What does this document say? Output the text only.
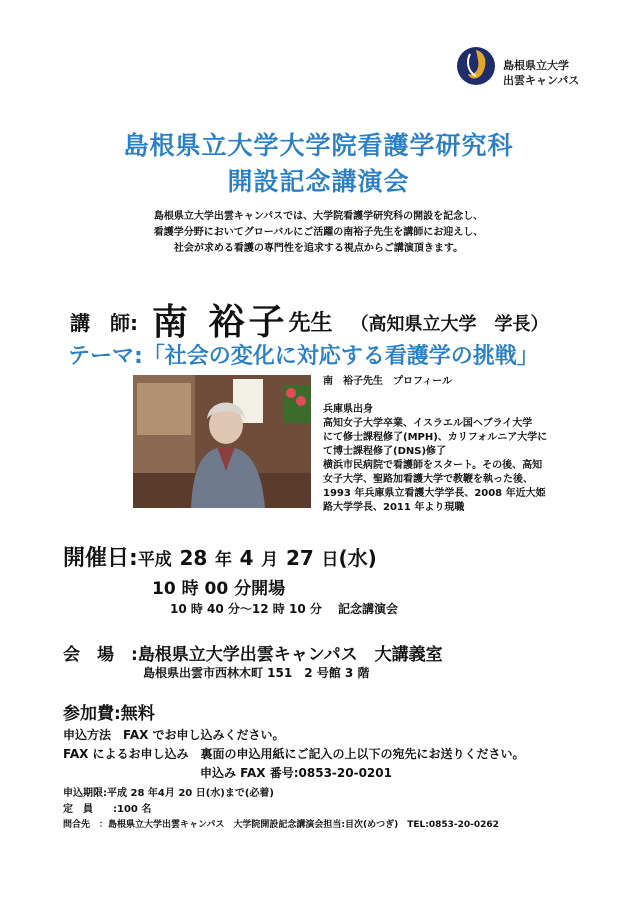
島根県立大学
出雲キャンパス
島根県立大学大学院看護学研究科
開設記念講演会
島根県立大学出雲キャンパスでは、大学院看護学研究科の開設を記念し、
看護学分野においてグローバルにご活躍の南裕子先生を講師にお迎えし、
社会が求める看護の専門性を追求する視点からご講演頂きます。
講　師: 南 裕子先生 （高知県立大学　学長）
テーマ:「社会の変化に対応する看護学の挑戦」
南　裕子先生　プロフィール
兵庫県出身
高知女子大学卒業、イスラエル国ヘブライ大学
にて修士課程修了(MPH)、カリフォルニア大学に
て博士課程修了(DNS)修了
横浜市民病院で看護師をスタート。その後、高知
女子大学、聖路加看護大学で教鞭を執った後、
1993 年兵庫県立看護大学学長、2008 年近大姫
路大学学長、2011 年より現職
開催日:平成 28 年 4 月 27 日(水)
10 時 00 分開場
10 時 40 分～12 時 10 分　 記念講演会
会　場　:島根県立大学出雲キャンパス　大講義室
島根県出雲市西林木町 151　2 号館 3 階
参加費:無料
申込方法　FAX でお申し込みください。
FAX によるお申し込み　裏面の申込用紙にご記入の上以下の宛先にお送りください。
申込み FAX 番号:0853-20-0201
申込期限:平成 28 年4月 20 日(水)まで(必着)
定　員　　:100 名
問合先　：島根県立大学出雲キャンパス　大学院開設記念講演会担当:目次(めつぎ)　TEL:0853-20-0262
